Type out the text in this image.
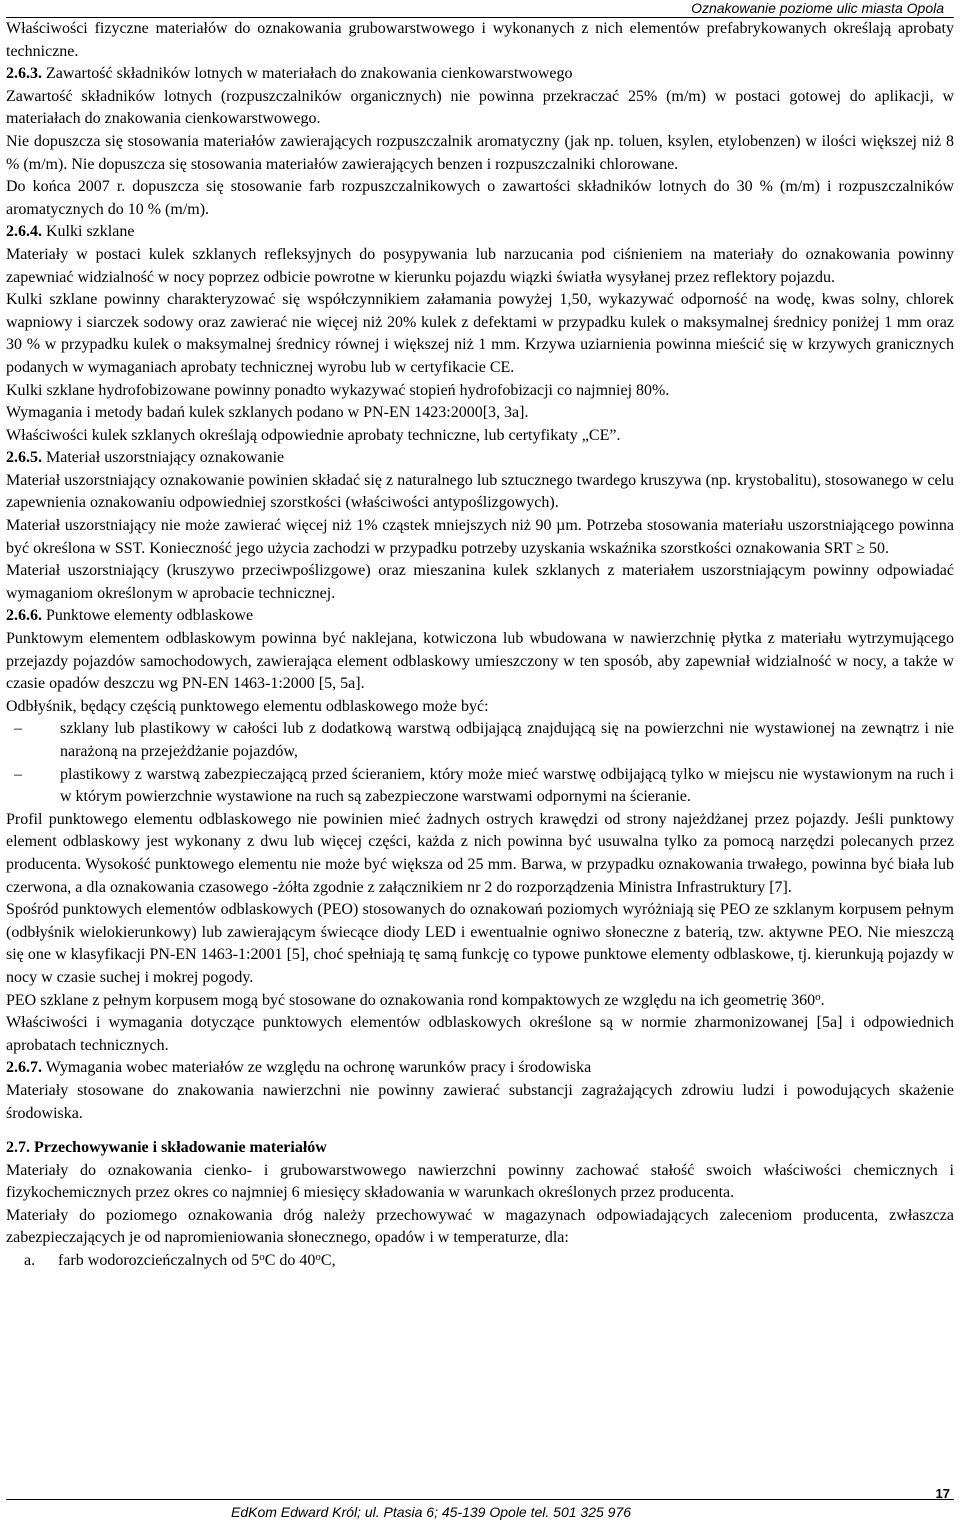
Oznakowanie poziome ulic miasta Opola

Właściwości fizyczne materiałów do oznakowania grubowarstwowego i wykonanych z nich elementów prefabrykowanych określają aprobaty techniczne.

2.6.3. Zawartość składników lotnych w materiałach do znakowania cienkowarstwowego

Zawartość składników lotnych (rozpuszczalników organicznych) nie powinna przekraczać 25% (m/m) w postaci gotowej do aplikacji, w materiałach do znakowania cienkowarstwowego.

Nie dopuszcza się stosowania materiałów zawierających rozpuszczalnik aromatyczny (jak np. toluen, ksylen, etylobenzen) w ilości większej niż 8 % (m/m). Nie dopuszcza się stosowania materiałów zawierających benzen i rozpuszczalniki chlorowane.

Do końca 2007 r. dopuszcza się stosowanie farb rozpuszczalnikowych o zawartości składników lotnych do 30 % (m/m) i rozpuszczalników aromatycznych do 10 % (m/m).

2.6.4. Kulki szklane

Materiały w postaci kulek szklanych refleksyjnych do posypywania lub narzucania pod ciśnieniem na materiały do oznakowania powinny zapewniać widzialność w nocy poprzez odbicie powrotne w kierunku pojazdu wiązki światła wysyłanej przez reflektory pojazdu.

Kulki szklane powinny charakteryzować się współczynnikiem załamania powyżej 1,50, wykazywać odporność na wodę, kwas solny, chlorek wapniowy i siarczek sodowy oraz zawierać nie więcej niż 20% kulek z defektami w przypadku kulek o maksymalnej średnicy poniżej 1 mm oraz 30 % w przypadku kulek o maksymalnej średnicy równej i większej niż 1 mm. Krzywa uziarnienia powinna mieścić się w krzywych granicznych podanych w wymaganiach aprobaty technicznej wyrobu lub w certyfikacie CE.

Kulki szklane hydrofobizowane powinny ponadto wykazywać stopień hydrofobizacji co najmniej 80%.

Wymagania i metody badań kulek szklanych podano w PN-EN 1423:2000[3, 3a].

Właściwości kulek szklanych określają odpowiednie aprobaty techniczne, lub certyfikaty „CE”.

2.6.5. Materiał uszorstniający oznakowanie

Materiał uszorstniający oznakowanie powinien składać się z naturalnego lub sztucznego twardego kruszywa (np. krystobalitu), stosowanego w celu zapewnienia oznakowaniu odpowiedniej szorstkości (właściwości antypoślizgowych).

Materiał uszorstniający nie może zawierać więcej niż 1% cząstek mniejszych niż 90 µm. Potrzeba stosowania materiału uszorstniającego powinna być określona w SST. Konieczność jego użycia zachodzi w przypadku potrzeby uzyskania wskaźnika szorstkości oznakowania SRT ≥ 50.

Materiał uszorstniający (kruszywo przeciwpoślizgowe) oraz mieszanina kulek szklanych z materiałem uszorstniającym powinny odpowiadać wymaganiom określonym w aprobacie technicznej.

2.6.6. Punktowe elementy odblaskowe

Punktowym elementem odblaskowym powinna być naklejana, kotwiczona lub wbudowana w nawierzchnię płytka z materiału wytrzymującego przejazdy pojazdów samochodowych, zawierająca element odblaskowy umieszczony w ten sposób, aby zapewniał widzialność w nocy, a także w czasie opadów deszczu wg PN-EN 1463-1:2000 [5, 5a].

Odbłyśnik, będący częścią punktowego elementu odblaskowego może być:

–	szklany lub plastikowy w całości lub z dodatkową warstwą odbijającą znajdującą się na powierzchni nie wystawionej na zewnątrz i nie narażoną na przejeżdżanie pojazdów,
–	plastikowy z warstwą zabezpieczającą przed ścieraniem, który może mieć warstwę odbijającą tylko w miejscu nie wystawionym na ruch i w którym powierzchnie wystawione na ruch są zabezpieczone warstwami odpornymi na ścieranie.

Profil punktowego elementu odblaskowego nie powinien mieć żadnych ostrych krawędzi od strony najeżdżanej przez pojazdy. Jeśli punktowy element odblaskowy jest wykonany z dwu lub więcej części, każda z nich powinna być usuwalna tylko za pomocą narzędzi polecanych przez producenta. Wysokość punktowego elementu nie może być większa od 25 mm. Barwa, w przypadku oznakowania trwałego, powinna być biała lub czerwona, a dla oznakowania czasowego -żółta zgodnie z załącznikiem nr 2 do rozporządzenia Ministra Infrastruktury [7].

Spośród punktowych elementów odblaskowych (PEO) stosowanych do oznakowań poziomych wyróżniają się PEO ze szklanym korpusem pełnym (odbłyśnik wielokierunkowy) lub zawierającym świecące diody LED i ewentualnie ogniwo słoneczne z baterią, tzw. aktywne PEO. Nie mieszczą się one w klasyfikacji PN-EN 1463-1:2001 [5], choć spełniają tę samą funkcję co typowe punktowe elementy odblaskowe, tj. kierunkują pojazdy w nocy w czasie suchej i mokrej pogody.

PEO szklane z pełnym korpusem mogą być stosowane do oznakowania rond kompaktowych ze względu na ich geometrię 360$^o$.

Właściwości i wymagania dotyczące punktowych elementów odblaskowych określone są w normie zharmonizowanej [5a] i odpowiednich aprobatach technicznych.

2.6.7. Wymagania wobec materiałów ze względu na ochronę warunków pracy i środowiska

Materiały stosowane do znakowania nawierzchni nie powinny zawierać substancji zagrażających zdrowiu ludzi i powodujących skażenie środowiska.

2.7. Przechowywanie i składowanie materiałów

Materiały do oznakowania cienko- i grubowarstwowego nawierzchni powinny zachować stałość swoich właściwości chemicznych i fizykochemicznych przez okres co najmniej 6 miesięcy składowania w warunkach określonych przez producenta.

Materiały do poziomego oznakowania dróg należy przechowywać w magazynach odpowiadających zaleceniom producenta, zwłaszcza zabezpieczających je od napromieniowania słonecznego, opadów i w temperaturze, dla:

a.	farb wodorozcieńczalnych od 5$^o$C do 40$^o$C,
EdKom Edward Król; ul. Ptasia 6; 45-139 Opole tel. 501 325 976
17
